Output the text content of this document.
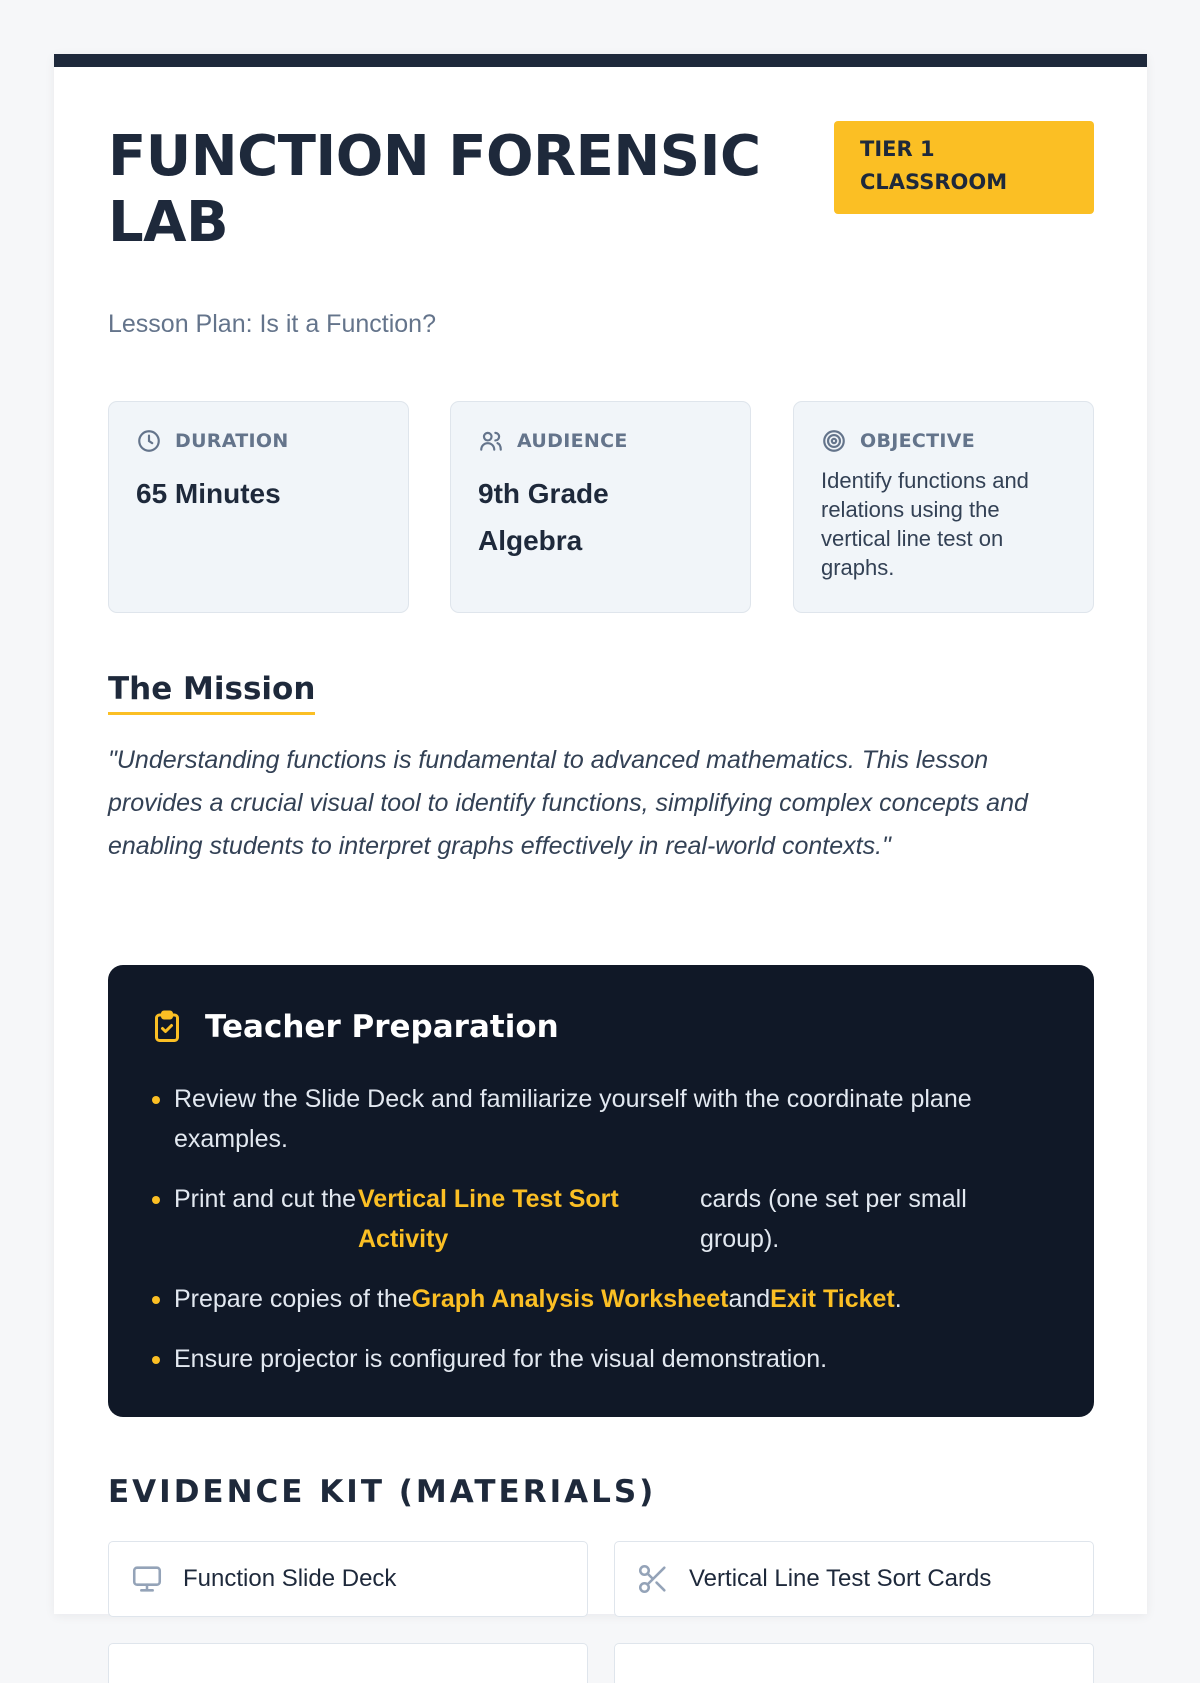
FUNCTION FORENSIC LAB
TIER 1 CLASSROOM
Lesson Plan: Is it a Function?
DURATION
65 Minutes
AUDIENCE
9th Grade Algebra
OBJECTIVE
Identify functions and relations using the vertical line test on graphs.
The Mission

"Understanding functions is fundamental to advanced mathematics. This lesson provides a crucial visual tool to identify functions, simplifying complex concepts and enabling students to interpret graphs effectively in real-world contexts."

Teacher Preparation
Review the Slide Deck and familiarize yourself with the coordinate plane examples.
Print and cut the Vertical Line Test Sort Activity
cards (one set per small group).
Prepare copies of theGraph Analysis WorksheetandExit Ticket.
Ensure projector is configured for the visual demonstration.
EVIDENCE KIT (MATERIALS)
Function Slide Deck	Vertical Line Test Sort Cards
